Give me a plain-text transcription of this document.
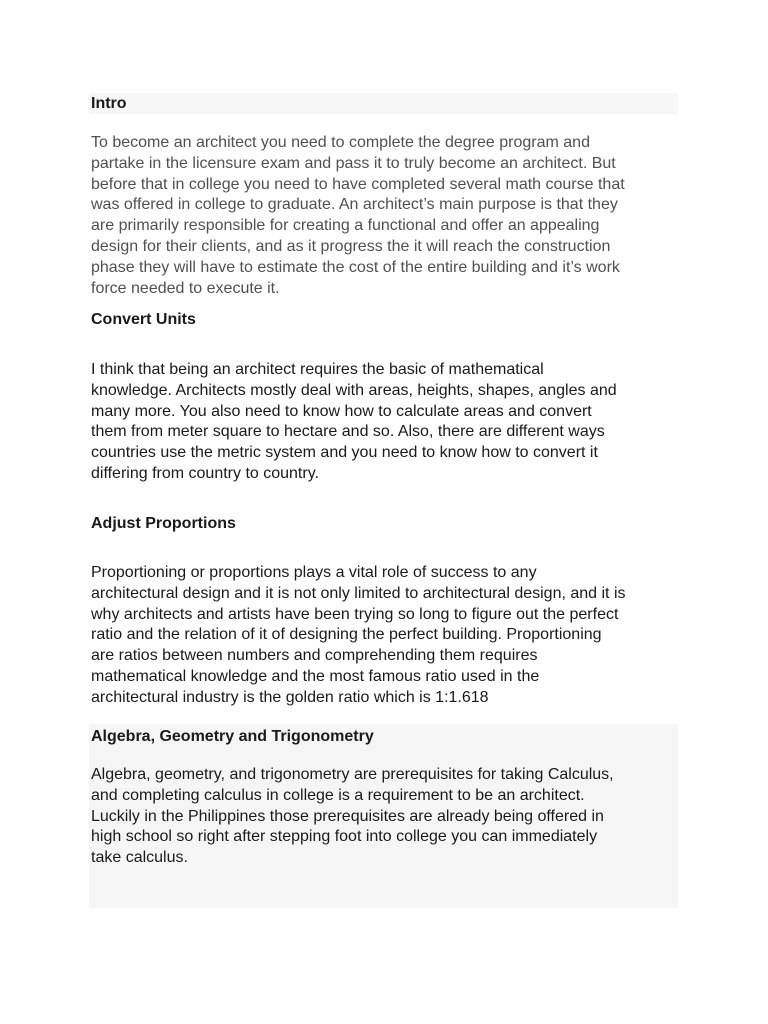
Intro

To become an architect you need to complete the degree program and
partake in the licensure exam and pass it to truly become an architect. But
before that in college you need to have completed several math course that
was offered in college to graduate. An architect’s main purpose is that they
are primarily responsible for creating a functional and offer an appealing
design for their clients, and as it progress the it will reach the construction
phase they will have to estimate the cost of the entire building and it’s work
force needed to execute it.

Convert Units

I think that being an architect requires the basic of mathematical
knowledge. Architects mostly deal with areas, heights, shapes, angles and
many more. You also need to know how to calculate areas and convert
them from meter square to hectare and so. Also, there are different ways
countries use the metric system and you need to know how to convert it
differing from country to country.

Adjust Proportions

Proportioning or proportions plays a vital role of success to any
architectural design and it is not only limited to architectural design, and it is
why architects and artists have been trying so long to figure out the perfect
ratio and the relation of it of designing the perfect building. Proportioning
are ratios between numbers and comprehending them requires
mathematical knowledge and the most famous ratio used in the
architectural industry is the golden ratio which is 1:1.618

Algebra, Geometry and Trigonometry

Algebra, geometry, and trigonometry are prerequisites for taking Calculus,
and completing calculus in college is a requirement to be an architect.
Luckily in the Philippines those prerequisites are already being offered in
high school so right after stepping foot into college you can immediately
take calculus.
